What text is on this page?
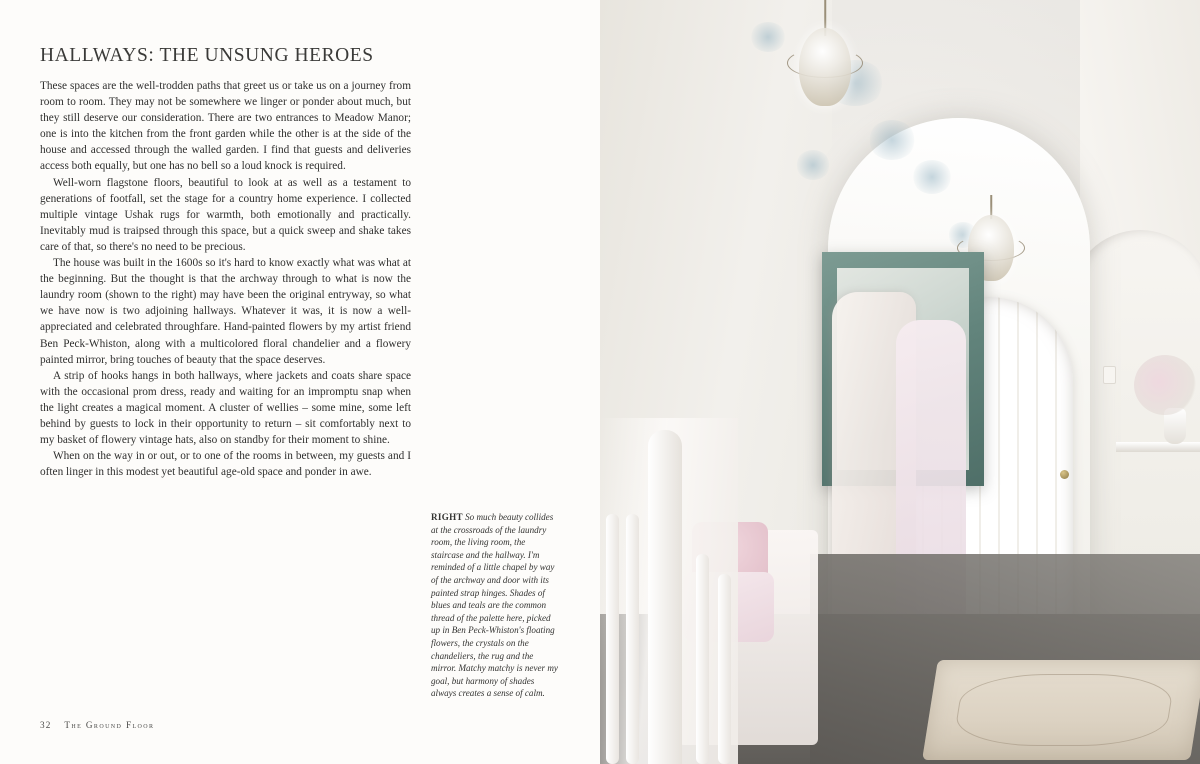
HALLWAYS: THE UNSUNG HEROES

These spaces are the well-trodden paths that greet us or take us on a journey from room to room. They may not be somewhere we linger or ponder about much, but they still deserve our consideration. There are two entrances to Meadow Manor; one is into the kitchen from the front garden while the other is at the side of the house and accessed through the walled garden. I find that guests and deliveries access both equally, but one has no bell so a loud knock is required.

Well-worn flagstone floors, beautiful to look at as well as a testament to generations of footfall, set the stage for a country home experience. I collected multiple vintage Ushak rugs for warmth, both emotionally and practically. Inevitably mud is traipsed through this space, but a quick sweep and shake takes care of that, so there's no need to be precious.

The house was built in the 1600s so it's hard to know exactly what was what at the beginning. But the thought is that the archway through to what is now the laundry room (shown to the right) may have been the original entryway, so what we have now is two adjoining hallways. Whatever it was, it is now a well-appreciated and celebrated throughfare. Hand-painted flowers by my artist friend Ben Peck-Whiston, along with a multicolored floral chandelier and a flowery painted mirror, bring touches of beauty that the space deserves.

A strip of hooks hangs in both hallways, where jackets and coats share space with the occasional prom dress, ready and waiting for an impromptu snap when the light creates a magical moment. A cluster of wellies – some mine, some left behind by guests to lock in their opportunity to return – sit comfortably next to my basket of flowery vintage hats, also on standby for their moment to shine.

When on the way in or out, or to one of the rooms in between, my guests and I often linger in this modest yet beautiful age-old space and ponder in awe.

RIGHT So much beauty collides at the crossroads of the laundry room, the living room, the staircase and the hallway. I'm reminded of a little chapel by way of the archway and door with its painted strap hinges. Shades of blues and teals are the common thread of the palette here, picked up in Ben Peck-Whiston's floating flowers, the crystals on the chandeliers, the rug and the mirror. Matchy matchy is never my goal, but harmony of shades always creates a sense of calm.
32 The Ground Floor
